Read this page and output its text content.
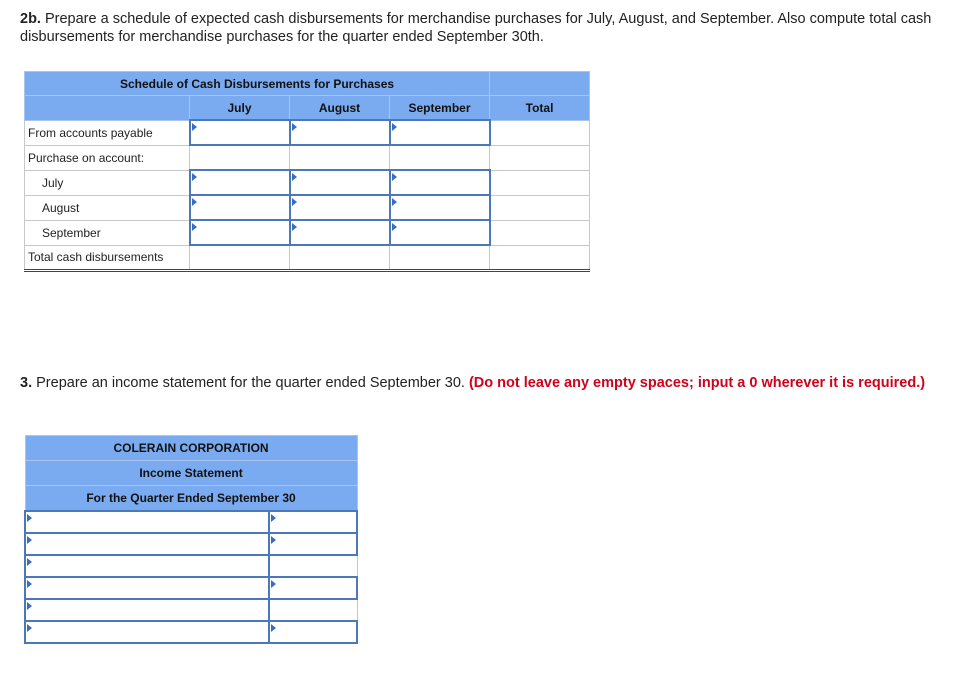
2b. Prepare a schedule of expected cash disbursements for merchandise purchases for July, August, and September. Also compute total cash disbursements for merchandise purchases for the quarter ended September 30th.
Schedule of Cash Disbursements for Purchases				
	July	August	September	Total
From accounts payable	

Purchase on account:				
July	

August	

September	

Total cash disbursements				
3. Prepare an income statement for the quarter ended September 30. (Do not leave any empty spaces; input a 0 wherever it is required.)
COLERAIN CORPORATION	
Income Statement	
For the Quarter Ended September 30	
